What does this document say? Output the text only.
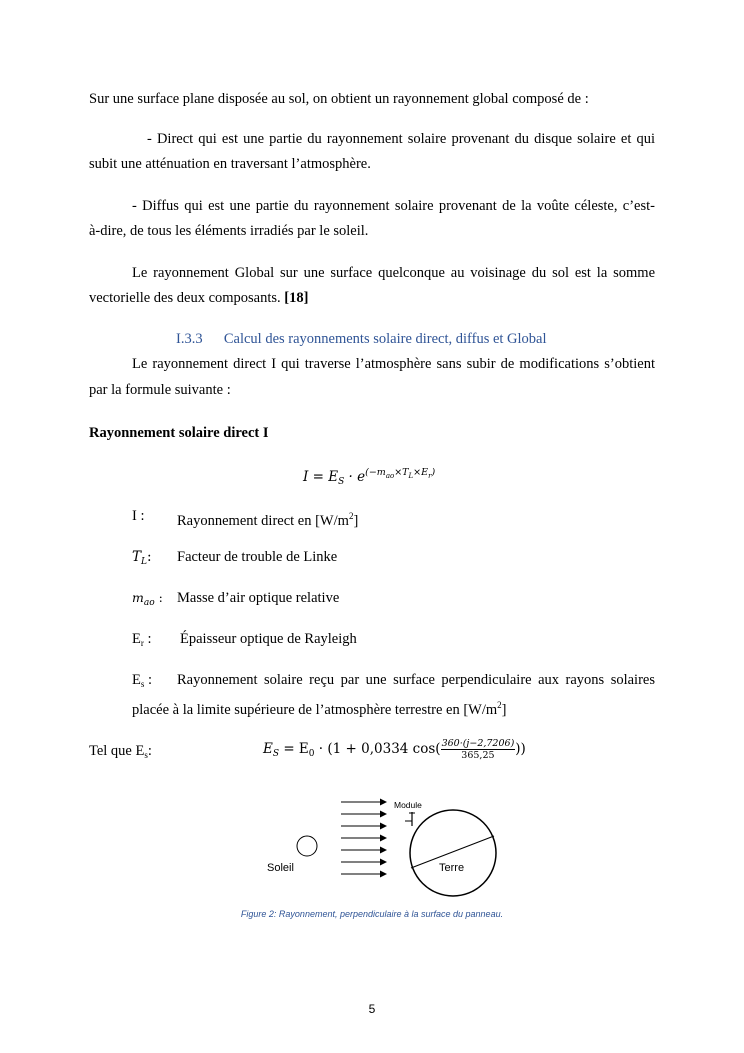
Sur une surface plane disposée au sol, on obtient un rayonnement global composé de :
- Direct qui est une partie du rayonnement solaire provenant du disque solaire et qui
subit une atténuation en traversant l’atmosphère.
- Diffus qui est une partie du rayonnement solaire provenant de la voûte céleste, c’est-
à-dire, de tous les éléments irradiés par le soleil.
Le rayonnement Global sur une surface quelconque au voisinage du sol est la somme
vectorielle des deux composants. [18]
I.3.3 Calcul des rayonnements solaire direct, diffus et Global
Le rayonnement direct I qui traverse l’atmosphère sans subir de modifications s’obtient
par la formule suivante :
Rayonnement solaire direct I
$I = E_S \cdot e^{(-m_{ao}\times T_L\times E_r)}$
I : Rayonnement direct en $[W/m^2]$
$T_L$: Facteur de trouble de Linke
$m_{ao}$ : Masse d’air optique relative
$E_r$ : Épaisseur optique de Rayleigh
$E_s$ : Rayonnement solaire reçu par une surface perpendiculaire aux rayons solaires
placée à la limite supérieure de l’atmosphère terrestre en $[W/m^2]$
Tel que $E_s$:	$E_S = E_0 \cdot (1 + 0,0334$ $\cos( \frac{360\cdot(j-2,7206)}{365,25}$ ))
Module
Soleil	Terre
Figure 2: Rayonnement, perpendiculaire à la surface du panneau.
5
